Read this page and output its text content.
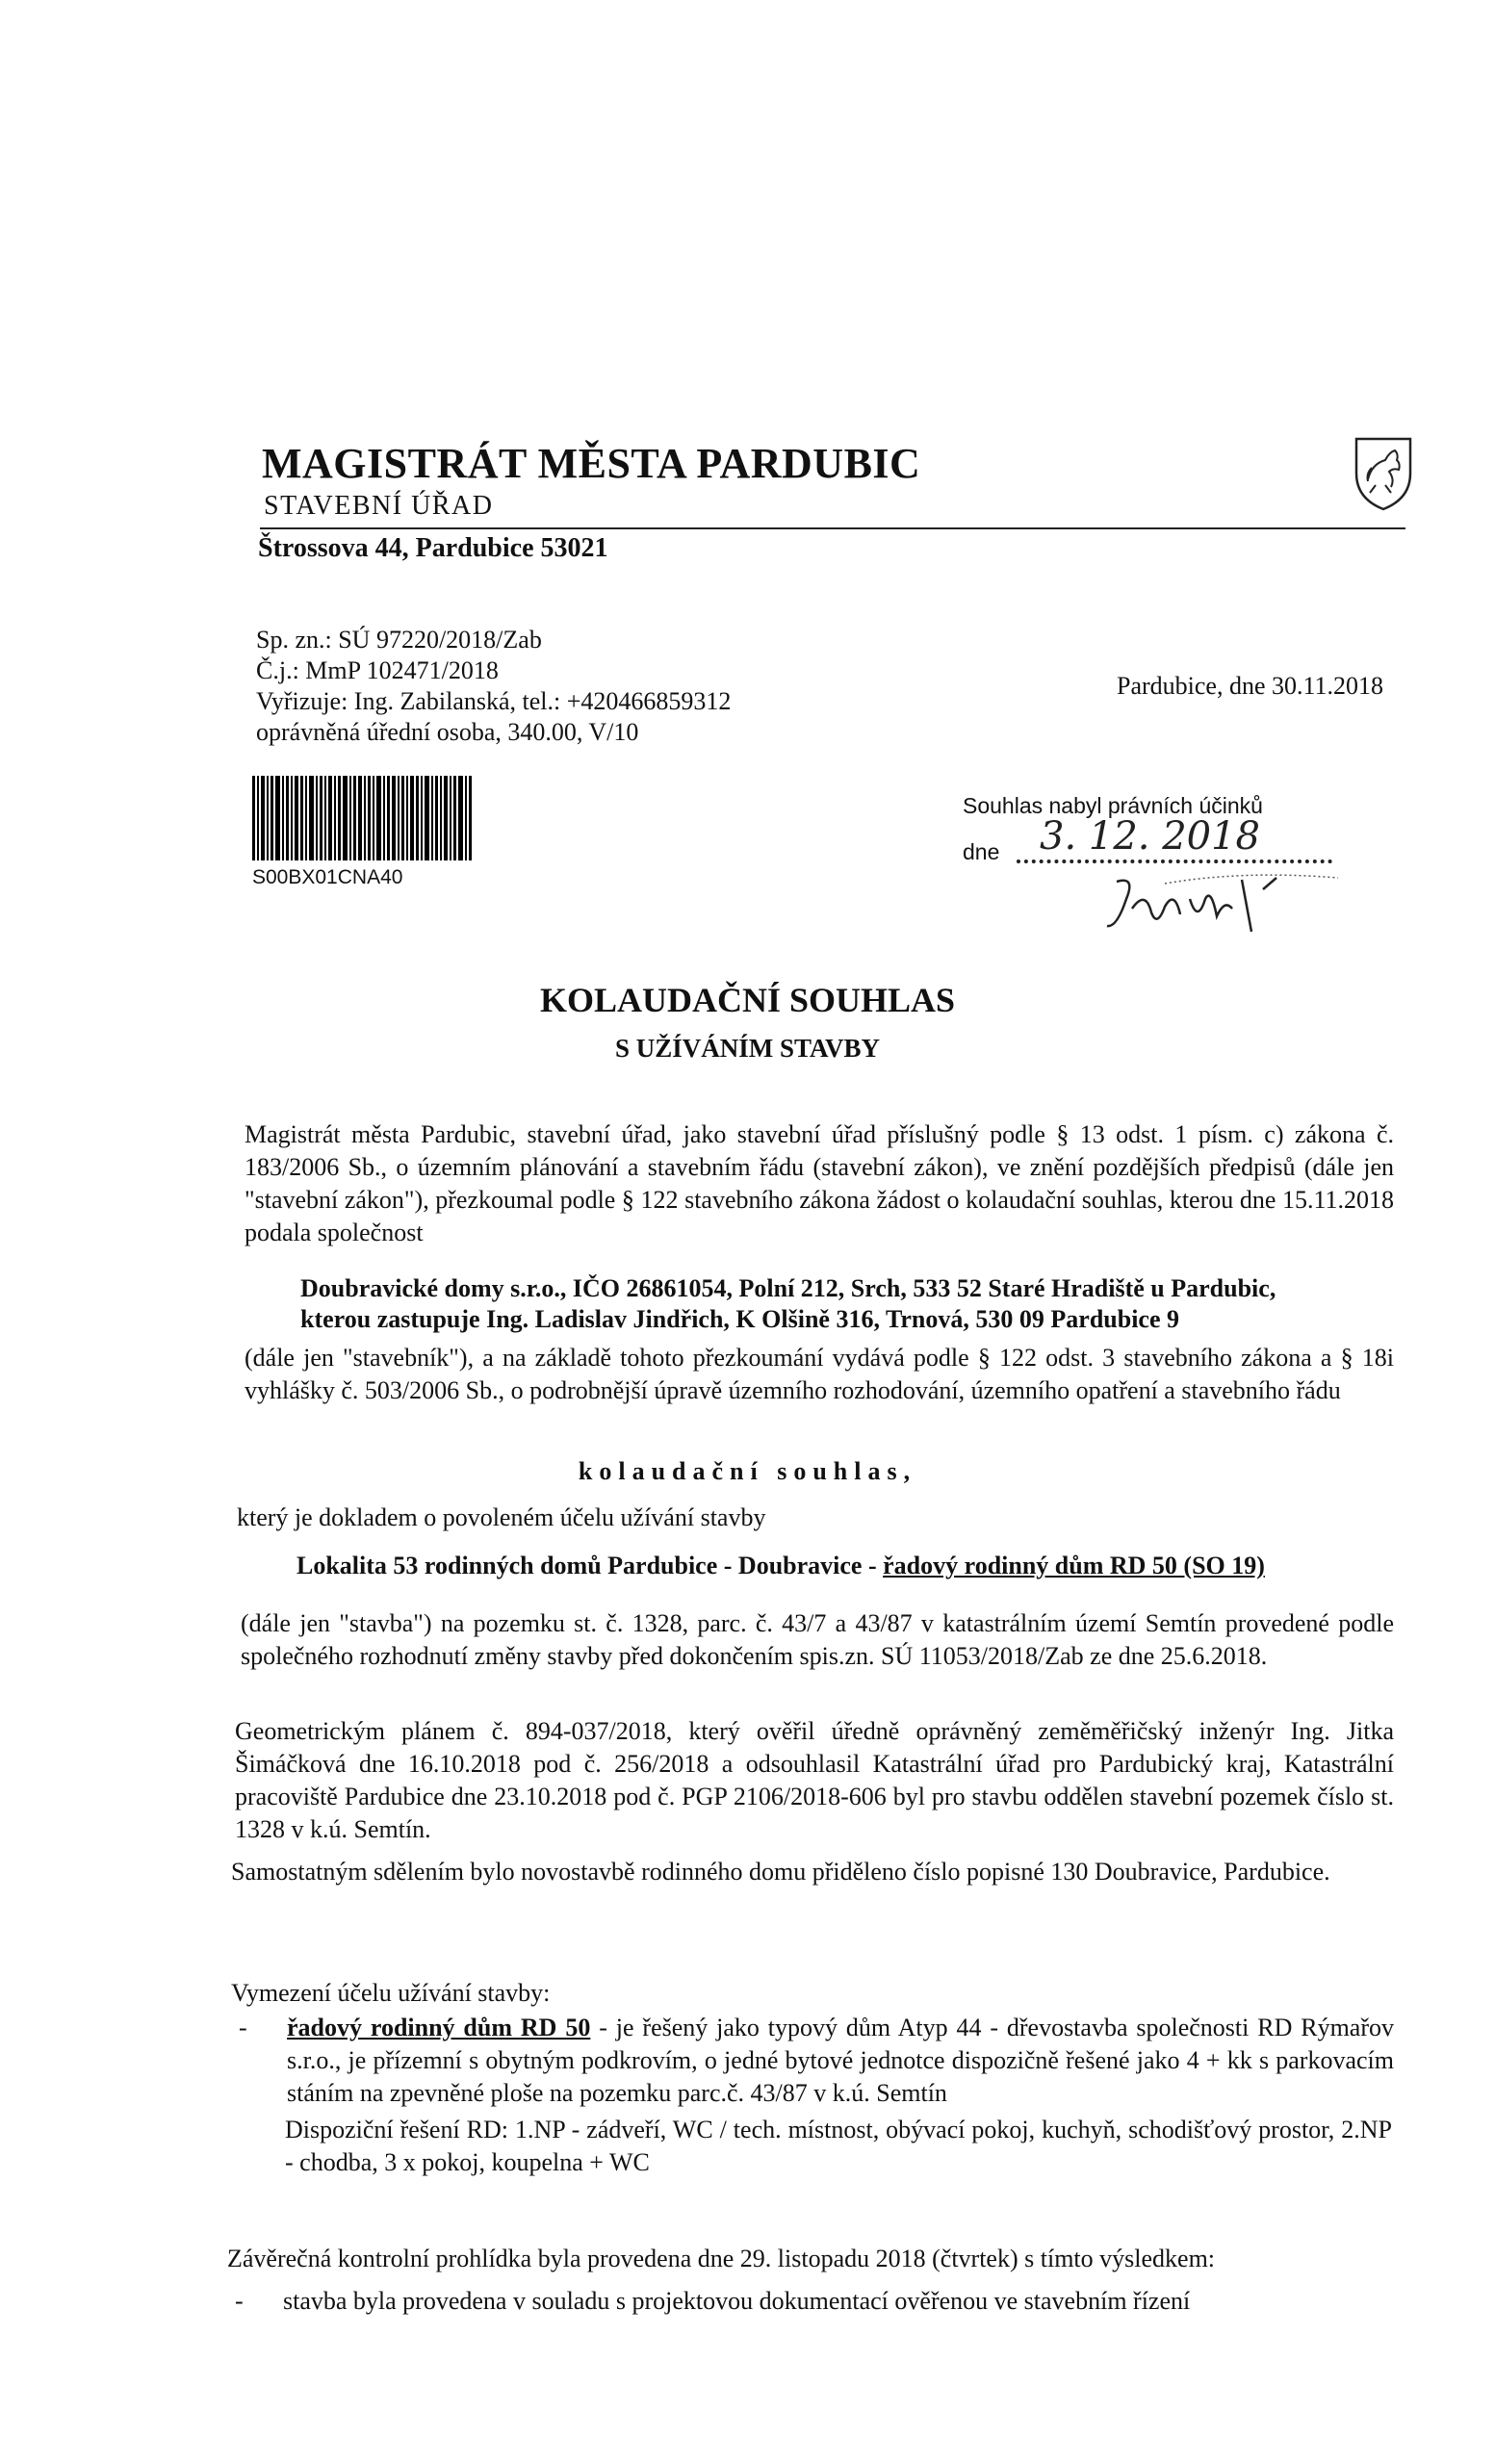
MAGISTRÁT MĚSTA PARDUBIC
STAVEBNÍ ÚŘAD
Štrossova 44, Pardubice 53021
Sp. zn.: SÚ 97220/2018/Zab
Č.j.: MmP 102471/2018
Vyřizuje: Ing. Zabilanská, tel.: +420466859312
oprávněná úřední osoba, 340.00, V/10
Pardubice, dne 30.11.2018
S00BX01CNA40
Souhlas nabyl právních účinků
dne 3. 12. 2018
KOLAUDAČNÍ SOUHLAS
S UŽÍVÁNÍM STAVBY
Magistrát města Pardubic, stavební úřad, jako stavební úřad příslušný podle § 13 odst. 1 písm. c) zákona č. 183/2006 Sb., o územním plánování a stavebním řádu (stavební zákon), ve znění pozdějších předpisů (dále jen "stavební zákon"), přezkoumal podle § 122 stavebního zákona žádost o kolaudační souhlas, kterou dne 15.11.2018 podala společnost
Doubravické domy s.r.o., IČO 26861054, Polní 212, Srch, 533 52 Staré Hradiště u Pardubic,
kterou zastupuje Ing. Ladislav Jindřich, K Olšině 316, Trnová, 530 09 Pardubice 9
(dále jen "stavebník"), a na základě tohoto přezkoumání vydává podle § 122 odst. 3 stavebního zákona a § 18i vyhlášky č. 503/2006 Sb., o podrobnější úpravě územního rozhodování, územního opatření a stavebního řádu
kolaudační souhlas,
který je dokladem o povoleném účelu užívání stavby
Lokalita 53 rodinných domů Pardubice - Doubravice - řadový rodinný dům RD 50 (SO 19)
(dále jen "stavba") na pozemku st. č. 1328, parc. č. 43/7 a 43/87 v katastrálním území Semtín provedené podle společného rozhodnutí změny stavby před dokončením spis.zn. SÚ 11053/2018/Zab ze dne 25.6.2018.
Geometrickým plánem č. 894-037/2018, který ověřil úředně oprávněný zeměměřičský inženýr Ing. Jitka Šimáčková dne 16.10.2018 pod č. 256/2018 a odsouhlasil Katastrální úřad pro Pardubický kraj, Katastrální pracoviště Pardubice dne 23.10.2018 pod č. PGP 2106/2018-606 byl pro stavbu oddělen stavební pozemek číslo st. 1328 v k.ú. Semtín.
Samostatným sdělením bylo novostavbě rodinného domu přiděleno číslo popisné 130 Doubravice, Pardubice.
Vymezení účelu užívání stavby:
- řadový rodinný dům RD 50 - je řešený jako typový dům Atyp 44 - dřevostavba společnosti RD Rýmařov s.r.o., je přízemní s obytným podkrovím, o jedné bytové jednotce dispozičně řešené jako 4 + kk s parkovacím stáním na zpevněné ploše na pozemku parc.č. 43/87 v k.ú. Semtín
Dispoziční řešení RD: 1.NP - zádveří, WC / tech. místnost, obývací pokoj, kuchyň, schodišťový prostor, 2.NP - chodba, 3 x pokoj, koupelna + WC
Závěrečná kontrolní prohlídka byla provedena dne 29. listopadu 2018 (čtvrtek) s tímto výsledkem:
- stavba byla provedena v souladu s projektovou dokumentací ověřenou ve stavebním řízení
